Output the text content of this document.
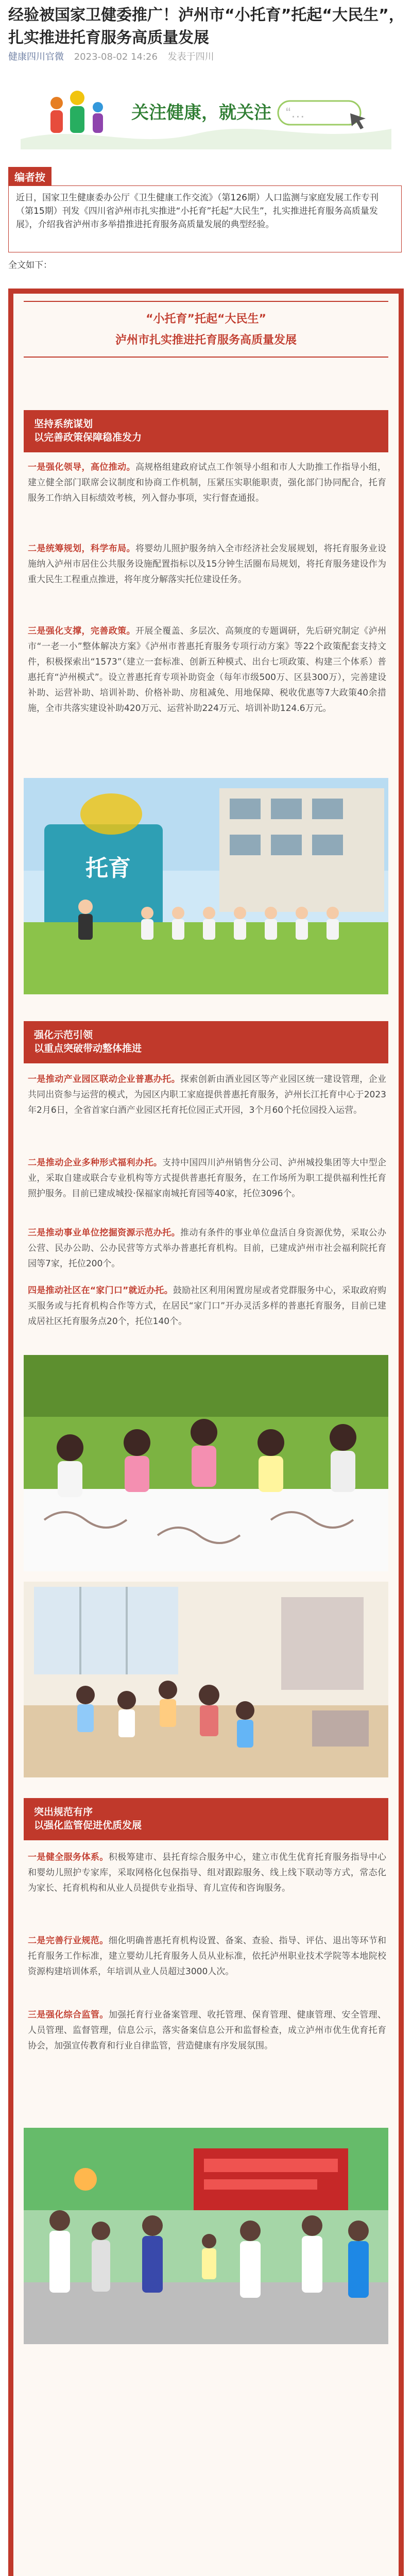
经验被国家卫健委推广！泸州市“小托育”托起“大民生”，扎实推进托育服务高质量发展
健康四川官微 2023-08-02 14:26 发表于四川
关注健康，就关注 “…
编者按
近日，国家卫生健康委办公厅《卫生健康工作交流》（第126期）人口监测与家庭发展工作专刊（第15期）刊发《四川省泸州市扎实推进“小托育”托起“大民生”，扎实推进托育服务高质量发展》，介绍我省泸州市多举措推进托育服务高质量发展的典型经验。
全文如下：
“小托育”托起“大民生”
泸州市扎实推进托育服务高质量发展
坚持系统谋划
以完善政策保障稳准发力
一是强化领导，高位推动。高规格组建政府试点工作领导小组和市人大助推工作指导小组，建立健全部门联席会议制度和协商工作机制，压紧压实职能职责，强化部门协同配合，托育服务工作纳入目标绩效考核，列入督办事项，实行督查通报。
二是统筹规划，科学布局。将婴幼儿照护服务纳入全市经济社会发展规划，将托育服务业设施纳入泸州市居住公共服务设施配置指标以及15分钟生活圈布局规划，将托育服务建设作为重大民生工程重点推进，将年度分解落实托位建设任务。
三是强化支撑，完善政策。开展全覆盖、多层次、高频度的专题调研，先后研究制定《泸州市“一老一小”整体解决方案》《泸州市普惠托育服务专项行动方案》等22个政策配套支持文件，积极探索出“1573”（建立一套标准、创新五种模式、出台七项政策、构建三个体系）普惠托育“泸州模式”。设立普惠托育专项补助资金（每年市级500万、区县300万），完善建设补助、运营补助、培训补助、价格补助、房租减免、用地保障、税收优惠等7大政策40余措施，全市共落实建设补助420万元、运营补助224万元、培训补助124.6万元。
托育
强化示范引领
以重点突破带动整体推进
一是推动产业园区联动企业普惠办托。探索创新由酒业园区等产业园区统一建设管理，企业共同出资参与运营的模式，为园区内职工家庭提供普惠托育服务，泸州长江托育中心于2023年2月6日，全省首家白酒产业园区托育托位园正式开园，3个月60个托位园投入运营。
二是推动企业多种形式福利办托。支持中国四川泸州销售分公司、泸州城投集团等大中型企业，采取自建或联合专业机构等方式提供普惠托育服务，在工作场所为职工提供福利性托育照护服务。目前已建成城投·保福家南城托育园等40家，托位3096个。
三是推动事业单位挖掘资源示范办托。推动有条件的事业单位盘活自身资源优势，采取公办公营、民办公助、公办民营等方式举办普惠托育机构。目前，已建成泸州市社会福利院托育园等7家，托位200个。
四是推动社区在“家门口”就近办托。鼓励社区利用闲置房屋或者党群服务中心，采取政府购买服务或与托育机构合作等方式，在居民“家门口”开办灵活多样的普惠托育服务，目前已建成居社区托育服务点20个，托位140个。
突出规范有序
以强化监管促进优质发展
一是健全服务体系。积极筹建市、县托育综合服务中心，建立市优生优育托育服务指导中心和婴幼儿照护专家库，采取网格化包保指导、组对跟踪服务、线上线下联动等方式，常态化为家长、托育机构和从业人员提供专业指导、育儿宣传和咨询服务。
二是完善行业规范。细化明确普惠托育机构设置、备案、查验、指导、评估、退出等环节和托育服务工作标准，建立婴幼儿托育服务人员从业标准，依托泸州职业技术学院等本地院校资源构建培训体系，年培训从业人员超过3000人次。
三是强化综合监管。加强托育行业备案管理、收托管理、保育管理、健康管理、安全管理、人员管理、监督管理，信息公示，落实备案信息公开和监督检查，成立泸州市优生优育托育协会，加强宣传教育和行业自律监管，营造健康有序发展氛围。
